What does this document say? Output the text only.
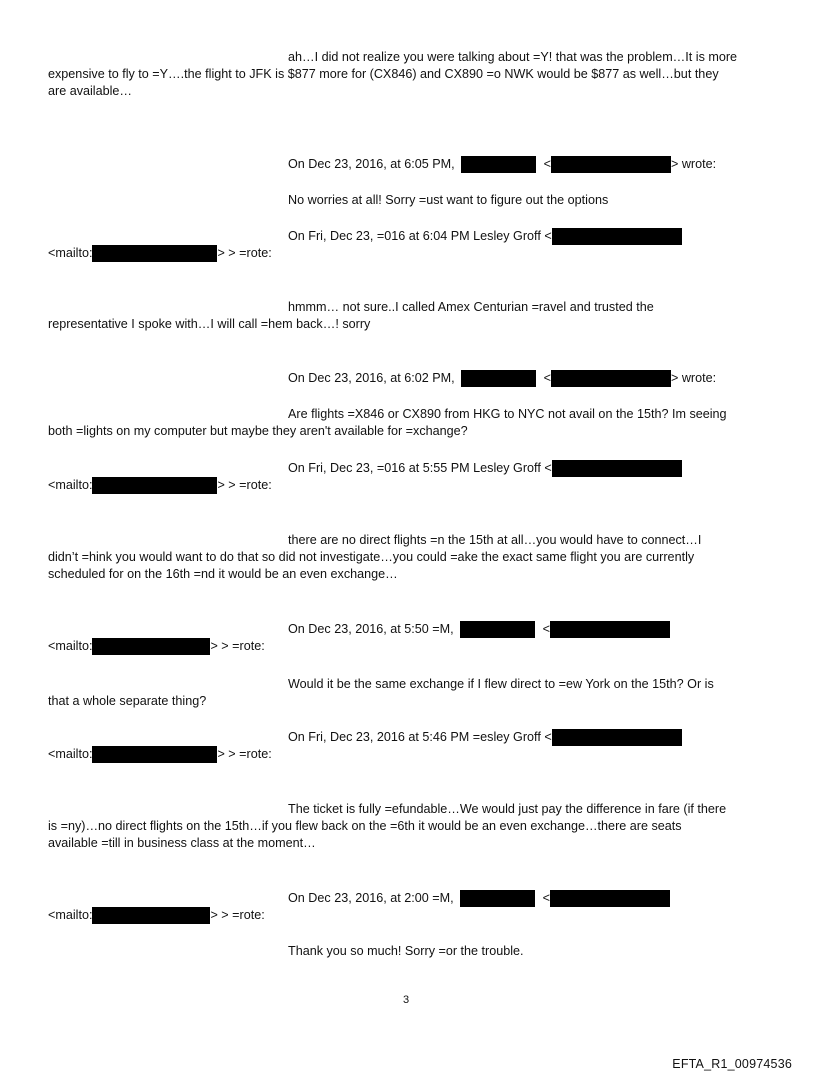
ah…I did not realize you were talking about =Y! that was the problem…It is more
expensive to fly to =Y….the flight to JFK is $877 more for (CX846) and CX890 =o NWK would be $877 as well…but they
are available…
On Dec 23, 2016, at 6:05 PM,	<	> wrote:
No worries at all! Sorry =ust want to figure out the options
On Fri, Dec 23, =016 at 6:04 PM Lesley Groff <
<mailto:	> > =rote:
hmmm… not sure..I called Amex Centurian =ravel and trusted the
representative I spoke with…I will call =hem back…! sorry
On Dec 23, 2016, at 6:02 PM,	<	> wrote:
Are flights =X846 or CX890 from HKG to NYC not avail on the 15th? Im seeing
both =lights on my computer but maybe they aren't available for =xchange?
On Fri, Dec 23, =016 at 5:55 PM Lesley Groff <
<mailto:	> > =rote:
there are no direct flights =n the 15th at all…you would have to connect…I
didn’t =hink you would want to do that so did not investigate…you could =ake the exact same flight you are currently
scheduled for on the 16th =nd it would be an even exchange…
On Dec 23, 2016, at 5:50 =M,	<
<mailto:	> > =rote:
Would it be the same exchange if I flew direct to =ew York on the 15th? Or is
that a whole separate thing?
On Fri, Dec 23, 2016 at 5:46 PM =esley Groff <
<mailto:	> > =rote:
The ticket is fully =efundable…We would just pay the difference in fare (if there
is =ny)…no direct flights on the 15th…if you flew back on the =6th it would be an even exchange…there are seats
available =till in business class at the moment…
On Dec 23, 2016, at 2:00 =M,	<
<mailto:	> > =rote:
Thank you so much! Sorry =or the trouble.
3
EFTA_R1_00974536
